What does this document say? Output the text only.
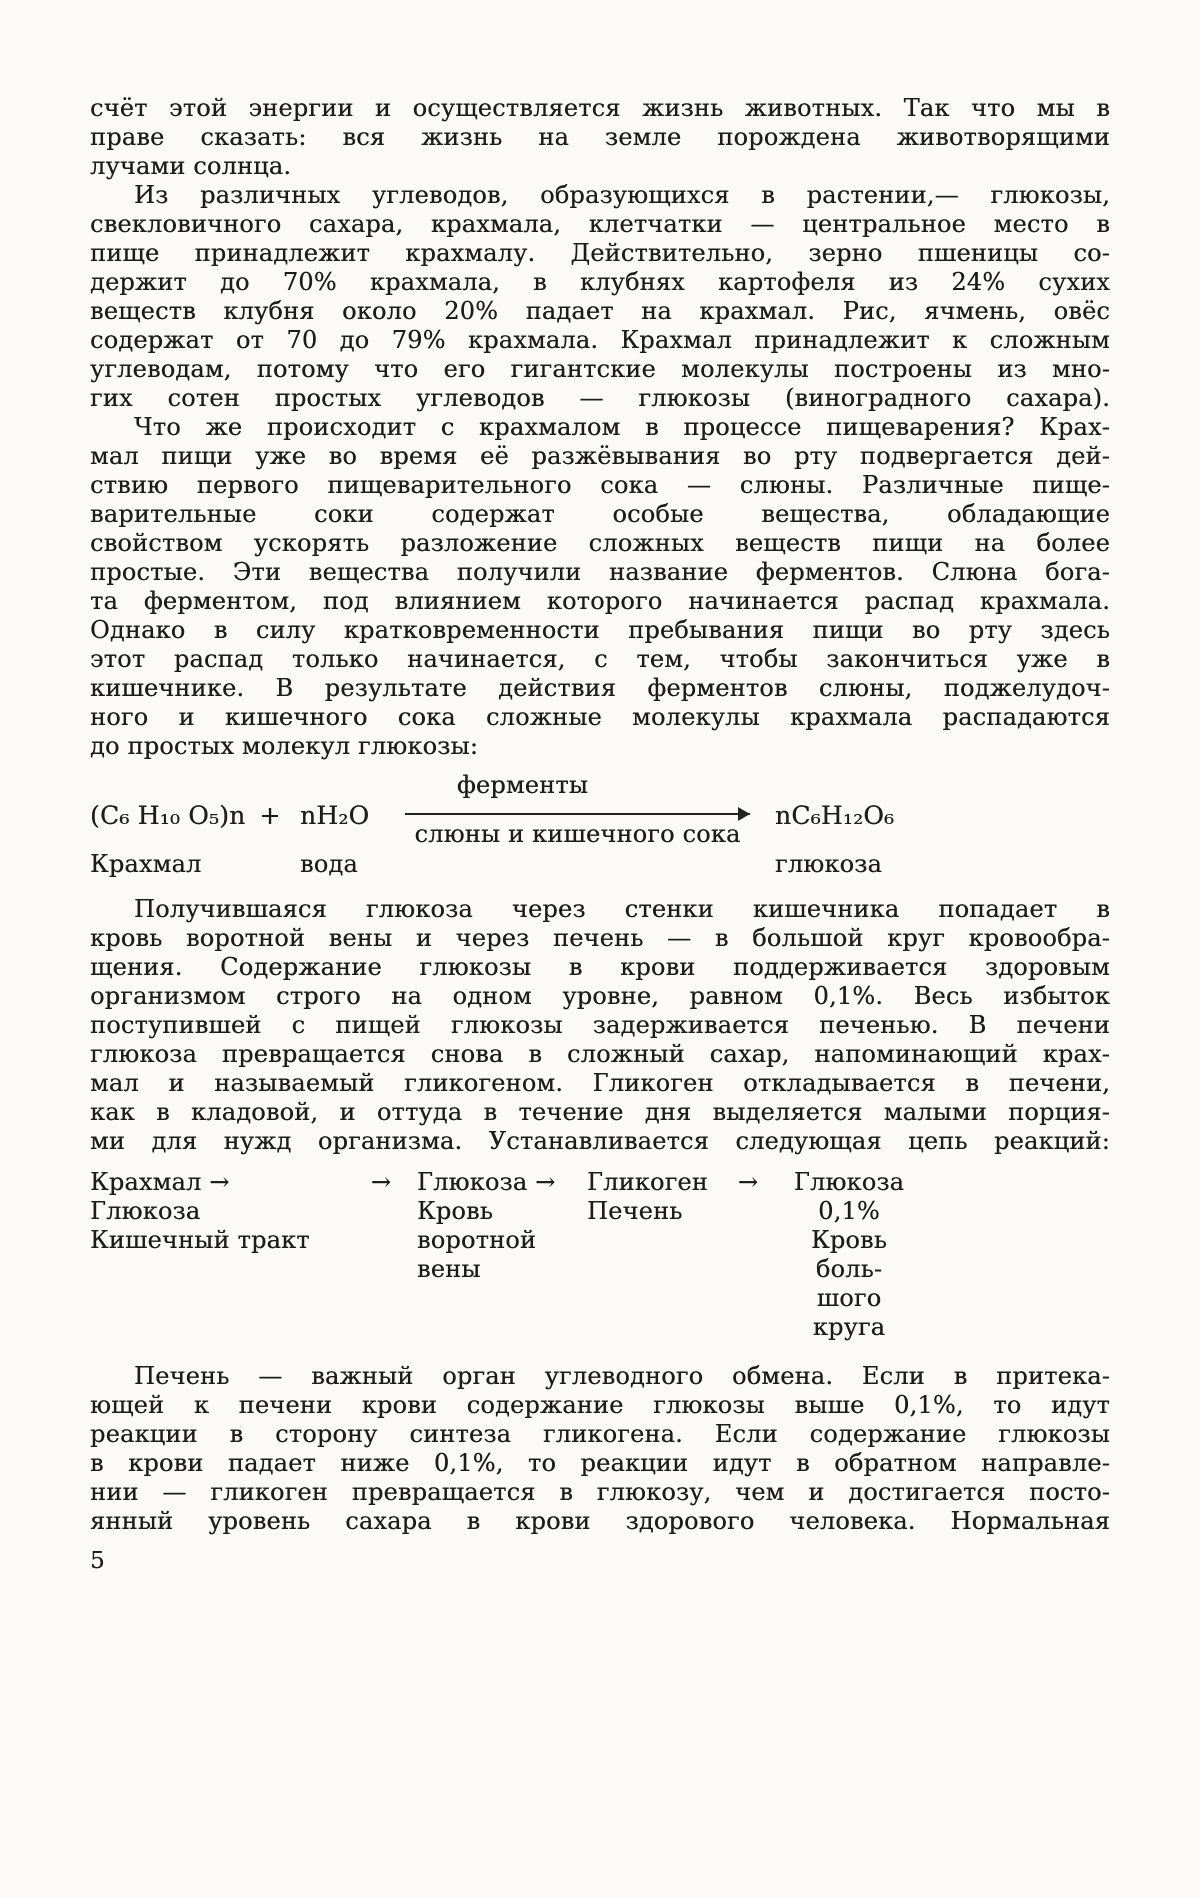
счёт этой энергии и осуществляется жизнь животных. Так что мы в
праве сказать: вся жизнь на земле порождена животворящими
лучами солнца.
Из различных углеводов, образующихся в растении,— глюкозы,
свекловичного сахара, крахмала, клетчатки — центральное место в
пище принадлежит крахмалу. Действительно, зерно пшеницы со-
держит до 70% крахмала, в клубнях картофеля из 24% сухих
веществ клубня около 20% падает на крахмал. Рис, ячмень, овёс
содержат от 70 до 79% крахмала. Крахмал принадлежит к сложным
углеводам, потому что его гигантские молекулы построены из мно-
гих сотен простых углеводов — глюкозы (виноградного сахара).
Что же происходит с крахмалом в процессе пищеварения? Крах-
мал пищи уже во время её разжёвывания во рту подвергается дей-
ствию первого пищеварительного сока — слюны. Различные пище-
варительные соки содержат особые вещества, обладающие
свойством ускорять разложение сложных веществ пищи на более
простые. Эти вещества получили название ферментов. Слюна бога-
та ферментом, под влиянием которого начинается распад крахмала.
Однако в силу кратковременности пребывания пищи во рту здесь
этот распад только начинается, с тем, чтобы закончиться уже в
кишечнике. В результате действия ферментов слюны, поджелудоч-
ного и кишечного сока сложные молекулы крахмала распадаются
до простых молекул глюкозы:
(C₆ H₁₀ O₅)n
Крахмал
+ nH₂O
вода
ферменты
слюны и кишечного сока
nC₆H₁₂O₆
глюкоза
Получившаяся глюкоза через стенки кишечника попадает в
кровь воротной вены и через печень — в большой круг кровообра-
щения. Содержание глюкозы в крови поддерживается здоровым
организмом строго на одном уровне, равном 0,1%. Весь избыток
поступившей с пищей глюкозы задерживается печенью. В печени
глюкоза превращается снова в сложный сахар, напоминающий крах-
мал и называемый гликогеном. Гликоген откладывается в печени,
как в кладовой, и оттуда в течение дня выделяется малыми порция-
ми для нужд организма. Устанавливается следующая цепь реакций:
Крахмал → Глюкоза
Кишечный тракт
→	Глюкоза →
Кровь
воротной
вены
Гликоген
Печень
→	Глюкоза
0,1%
Кровь боль-
шого круга
Печень — важный орган углеводного обмена. Если в притека-
ющей к печени крови содержание глюкозы выше 0,1%, то идут
реакции в сторону синтеза гликогена. Если содержание глюкозы
в крови падает ниже 0,1%, то реакции идут в обратном направле-
нии — гликоген превращается в глюкозу, чем и достигается посто-
янный уровень сахара в крови здорового человека. Нормальная
5
